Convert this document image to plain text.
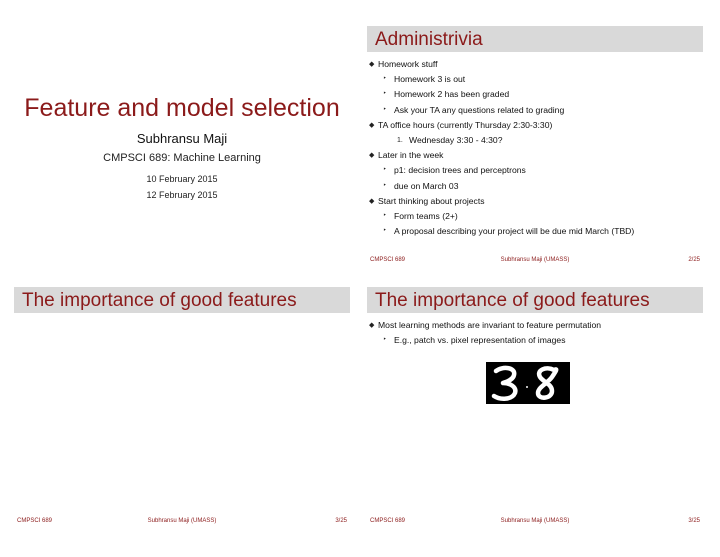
Feature and model selection
Subhransu Maji
CMPSCI 689: Machine Learning
10 February 2015
12 February 2015
Administrivia
◆ Homework stuff
‣ Homework 3 is out
‣ Homework 2 has been graded
‣ Ask your TA any questions related to grading
◆ TA office hours (currently Thursday 2:30-3:30)
1. Wednesday 3:30 - 4:30?
◆ Later in the week
‣ p1: decision trees and perceptrons
‣ due on March 03
◆ Start thinking about projects
‣ Form teams (2+)
‣ A proposal describing your project will be due mid March (TBD)
CMPSCI 689	Subhransu Maji (UMASS)	2/25
The importance of good features
CMPSCI 689	Subhransu Maji (UMASS)	3/25
The importance of good features
◆ Most learning methods are invariant to feature permutation
‣ E.g., patch vs. pixel representation of images
CMPSCI 689	Subhransu Maji (UMASS)	3/25
